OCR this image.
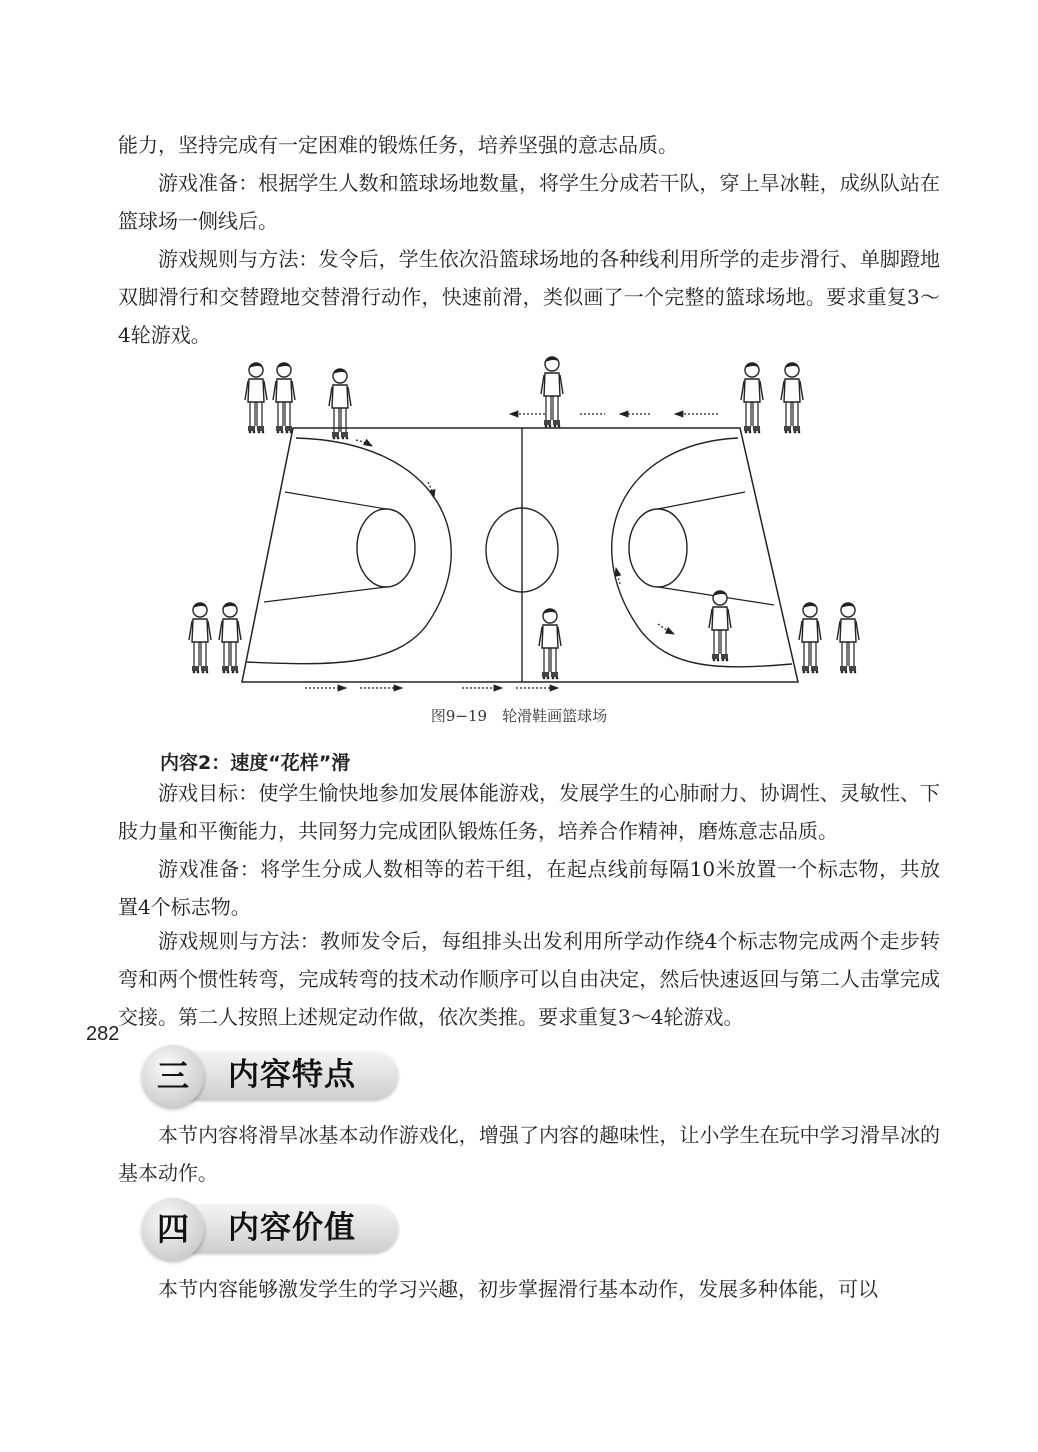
能力，坚持完成有一定困难的锻炼任务，培养坚强的意志品质。

游戏准备：根据学生人数和篮球场地数量，将学生分成若干队，穿上旱冰鞋，成纵队站在篮球场一侧线后。

游戏规则与方法：发令后，学生依次沿篮球场地的各种线利用所学的走步滑行、单脚蹬地双脚滑行和交替蹬地交替滑行动作，快速前滑，类似画了一个完整的篮球场地。要求重复3～4轮游戏。

图9−19　轮滑鞋画篮球场

内容2：速度“花样”滑

游戏目标：使学生愉快地参加发展体能游戏，发展学生的心肺耐力、协调性、灵敏性、下肢力量和平衡能力，共同努力完成团队锻炼任务，培养合作精神，磨炼意志品质。

游戏准备：将学生分成人数相等的若干组，在起点线前每隔10米放置一个标志物，共放置4个标志物。

游戏规则与方法：教师发令后，每组排头出发利用所学动作绕4个标志物完成两个走步转弯和两个惯性转弯，完成转弯的技术动作顺序可以自由决定，然后快速返回与第二人击掌完成交接。第二人按照上述规定动作做，依次类推。要求重复3～4轮游戏。

三	内容特点

本节内容将滑旱冰基本动作游戏化，增强了内容的趣味性，让小学生在玩中学习滑旱冰的基本动作。

四	内容价值

本节内容能够激发学生的学习兴趣，初步掌握滑行基本动作，发展多种体能，可以

282
